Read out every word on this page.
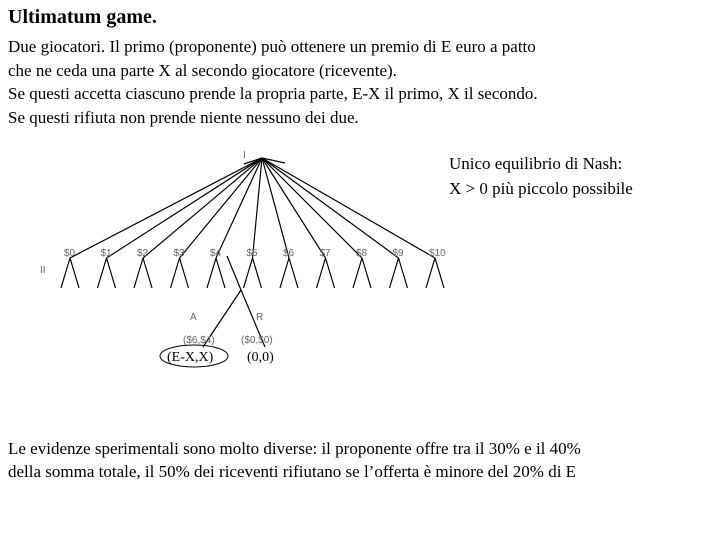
Ultimatum game.
Due giocatori. Il primo (proponente) può ottenere un premio di E euro a patto
che ne ceda una parte X al secondo giocatore (ricevente).
Se questi accetta ciascuno prende la propria parte, E-X il primo, X il secondo.
Se questi rifiuta non prende niente nessuno dei due.
I
II
$0	$1	$2	$3	$4	$5	$6	$7	$8	$9	$10
A	R
($6,$4)	($0,$0)
(E-X,X) (0,0)
Unico equilibrio di Nash:
X > 0 più piccolo possibile
Le evidenze sperimentali sono molto diverse: il proponente offre tra il 30% e il 40%
della somma totale, il 50% dei riceventi rifiutano se l’offerta è minore del 20% di E
